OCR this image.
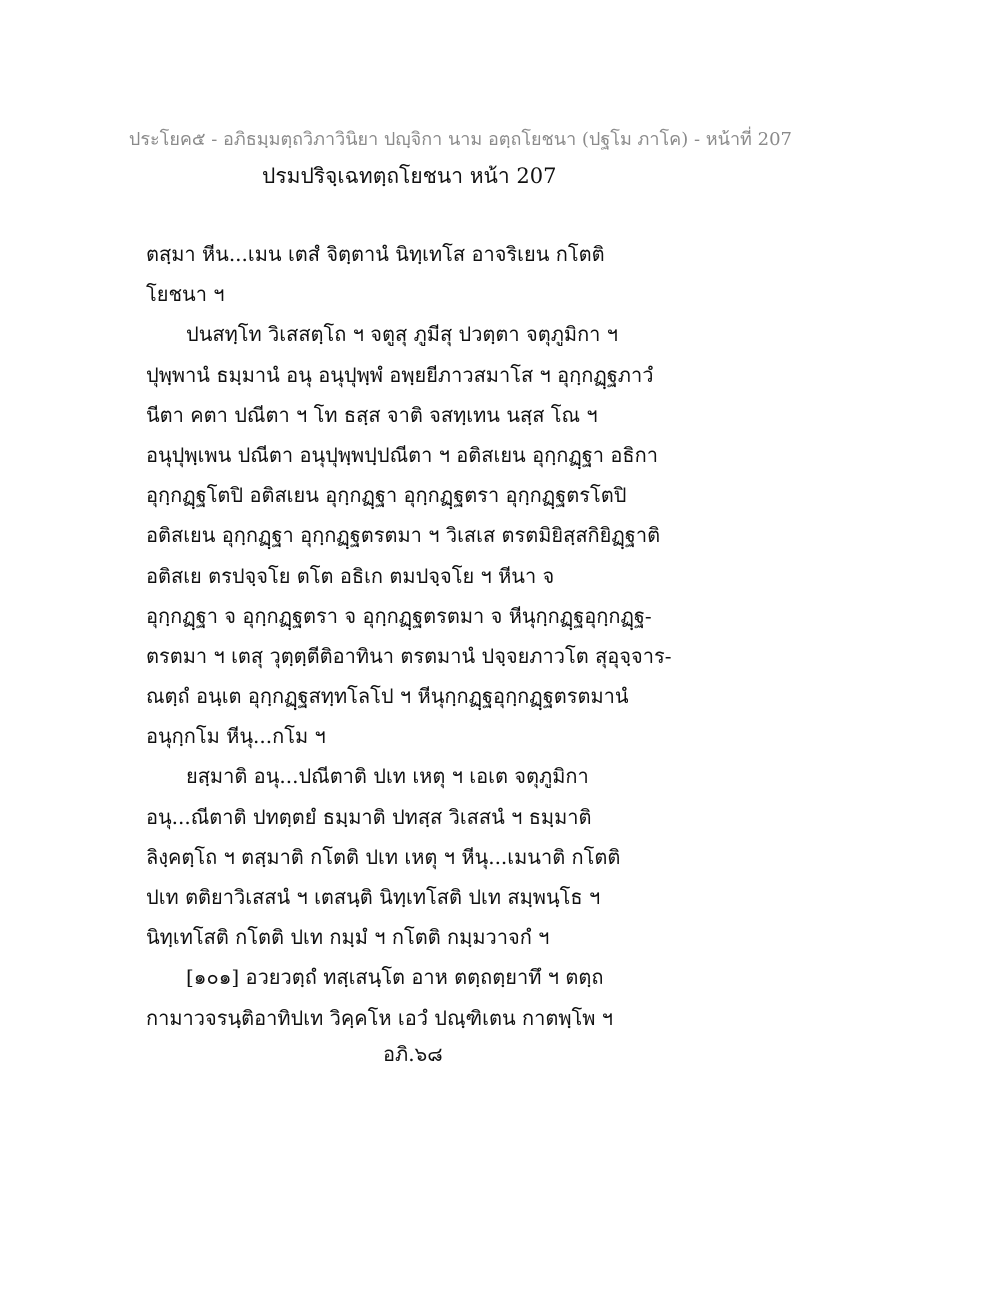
ประโยค๕ - อภิธมฺมตฺถวิภาวินิยา ปญฺจิกา นาม อตฺถโยชนา (ปฐโม ภาโค) - หน้าที่ 207
ปรมปริจฺเฉทตฺถโยชนา หน้า 207
ตสฺมา หีน...เมน เตสํ จิตฺตานํ นิทฺเทโส อาจริเยน กโตติ
โยชนา ฯ
ปนสทฺโท วิเสสตฺโถ ฯ จตูสุ ภูมีสุ ปวตฺตา จตุภูมิกา ฯ
ปุพฺพานํ ธมฺมานํ อนุ อนุปุพฺพํ อพฺยยีภาวสมาโส ฯ อุกฺกฏฺฐภาวํ
นีตา คตา ปณีตา ฯ โท ธสฺส จาติ จสทฺเทน นสฺส โณ ฯ
อนุปุพฺเพน ปณีตา อนุปุพฺพปฺปณีตา ฯ อติสเยน อุกฺกฏฺฐา อธิกา
อุกฺกฏฺฐโตปิ อติสเยน อุกฺกฏฺฐา อุกฺกฏฺฐตรา อุกฺกฏฺฐตรโตปิ
อติสเยน อุกฺกฏฺฐา อุกฺกฏฺฐตรตมา ฯ วิเสเส ตรตมิยิสฺสกิยิฏฺฐาติ
อติสเย ตรปจฺจโย ตโต อธิเก ตมปจฺจโย ฯ หีนา จ
อุกฺกฏฺฐา จ อุกฺกฏฺฐตรา จ อุกฺกฏฺฐตรตมา จ หีนุกฺกฏฺฐอุกฺกฏฺฐ-
ตรตมา ฯ เตสุ วุตฺตฺตีติอาทินา ตรตมานํ ปจฺจยภาวโต สุอุจฺจาร-
ณตฺถํ อนฺเต อุกฺกฏฺฐสทฺทโลโป ฯ หีนุกฺกฏฺฐอุกฺกฏฺฐตรตมานํ
อนุกฺกโม หีนุ...กโม ฯ
ยสฺมาติ อนุ...ปณีตาติ ปเท เหตุ ฯ เอเต จตุภูมิกา
อนุ...ณีตาติ ปทตฺตยํ ธมฺมาติ ปทสฺส วิเสสนํ ฯ ธมฺมาติ
ลิงฺคตฺโถ ฯ ตสฺมาติ กโตติ ปเท เหตุ ฯ หีนุ...เมนาติ กโตติ
ปเท ตติยาวิเสสนํ ฯ เตสนฺติ นิทฺเทโสติ ปเท สมฺพนฺโธ ฯ
นิทฺเทโสติ กโตติ ปเท กมฺมํ ฯ กโตติ กมฺมวาจกํ ฯ
[๑๐๑] อวยวตฺถํ ทสฺเสนฺโต อาห ตตฺถตฺยาทึ ฯ ตตฺถ
กามาวจรนฺติอาทิปเท วิคฺคโห เอวํ ปณฺฑิเตน กาตพฺโพ ฯ
อภิ.๖๘
